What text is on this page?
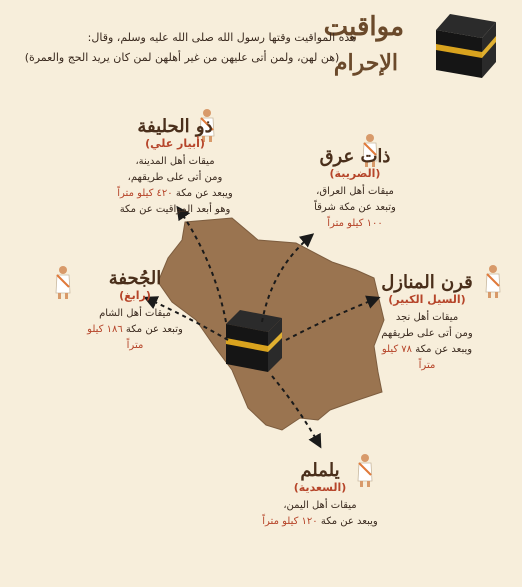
مواقيت
الإحرام
هذه المواقيت وقتها رسول الله صلى الله عليه وسلم، وقال:
(هن لهن، ولمن أتى عليهن من غير أهلهن لمن كان يريد الحج والعمرة)
ذو الحليفة
(أبيار علي)
ميقات أهل المدينة،
ومن أتى على طريقهم،
ويبعد عن مكة ٤٢٠ كيلو متراً
وهو أبعد المواقيت عن مكة
ذات عرق
(الضريبة)
ميقات أهل العراق،
وتبعد عن مكة شرقاً
١٠٠ كيلو متراً
الجُحفة
(رابغ)
ميقات أهل الشام
وتبعد عن مكة ١٨٦ كيلو متراً
قرن المنازل
(السيل الكبير)
ميقات أهل نجد
ومن أتى على طريقهم
ويبعد عن مكة ٧٨ كيلو متراً
يلملم
(السعدية)
ميقات أهل اليمن،
ويبعد عن مكة ١٢٠ كيلو متراً
